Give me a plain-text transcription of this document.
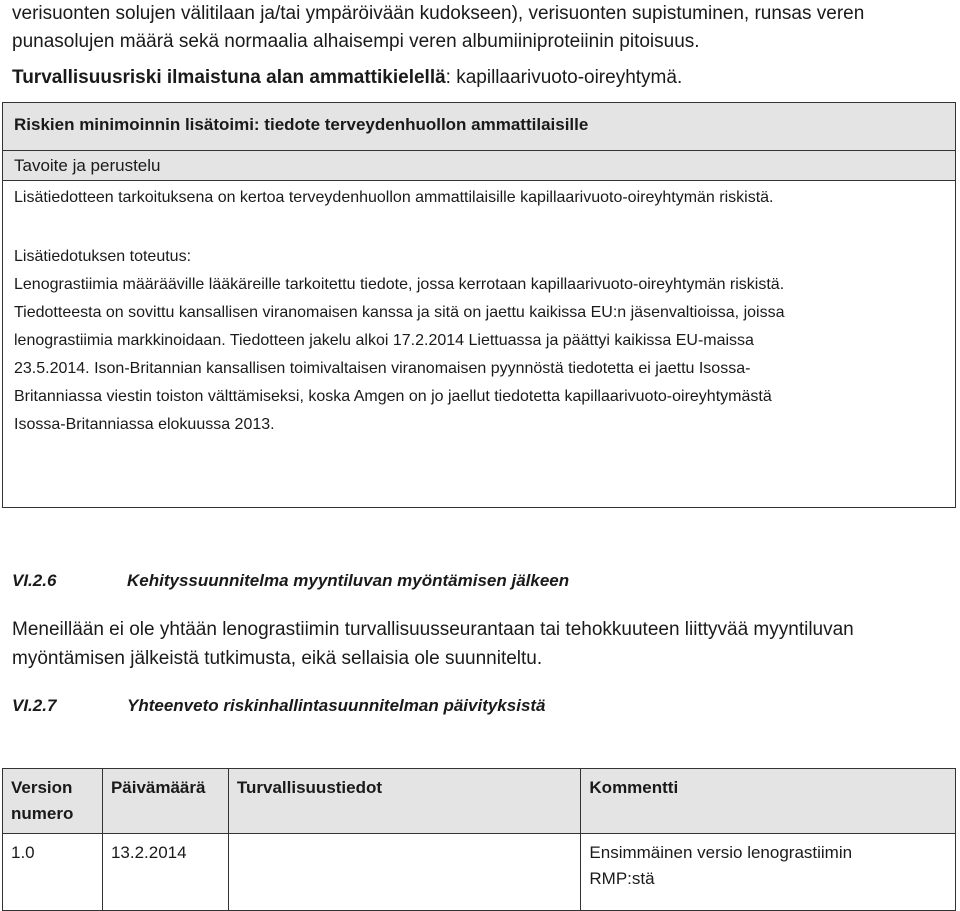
verisuonten solujen välitilaan ja/tai ympäröivään kudokseen), verisuonten supistuminen, runsas veren
punasolujen määrä sekä normaalia alhaisempi veren albumiiniproteiinin pitoisuus.
Turvallisuusriski ilmaistuna alan ammattikielellä: kapillaarivuoto-oireyhtymä.
Riskien minimoinnin lisätoimi: tiedote terveydenhuollon ammattilaisille
Tavoite ja perustelu
Lisätiedotteen tarkoituksena on kertoa terveydenhuollon ammattilaisille kapillaarivuoto-oireyhtymän riskistä.
Lisätiedotuksen toteutus:
Lenograstiimia määrääville lääkäreille tarkoitettu tiedote, jossa kerrotaan kapillaarivuoto-oireyhtymän riskistä.
Tiedotteesta on sovittu kansallisen viranomaisen kanssa ja sitä on jaettu kaikissa EU:n jäsenvaltioissa, joissa
lenograstiimia markkinoidaan. Tiedotteen jakelu alkoi 17.2.2014 Liettuassa ja päättyi kaikissa EU-maissa
23.5.2014. Ison-Britannian kansallisen toimivaltaisen viranomaisen pyynnöstä tiedotetta ei jaettu Isossa-
Britanniassa viestin toiston välttämiseksi, koska Amgen on jo jaellut tiedotetta kapillaarivuoto-oireyhtymästä
Isossa-Britanniassa elokuussa 2013.
VI.2.6	Kehityssuunnitelma myyntiluvan myöntämisen jälkeen
Meneillään ei ole yhtään lenograstiimin turvallisuusseurantaan tai tehokkuuteen liittyvää myyntiluvan
myöntämisen jälkeistä tutkimusta, eikä sellaisia ole suunniteltu.
VI.2.7	Yhteenveto riskinhallintasuunnitelman päivityksistä
Version numero	Päivämäärä	Turvallisuustiedot	Kommentti
1.0	13.2.2014		Ensimmäinen versio lenograstiimin RMP:stä
